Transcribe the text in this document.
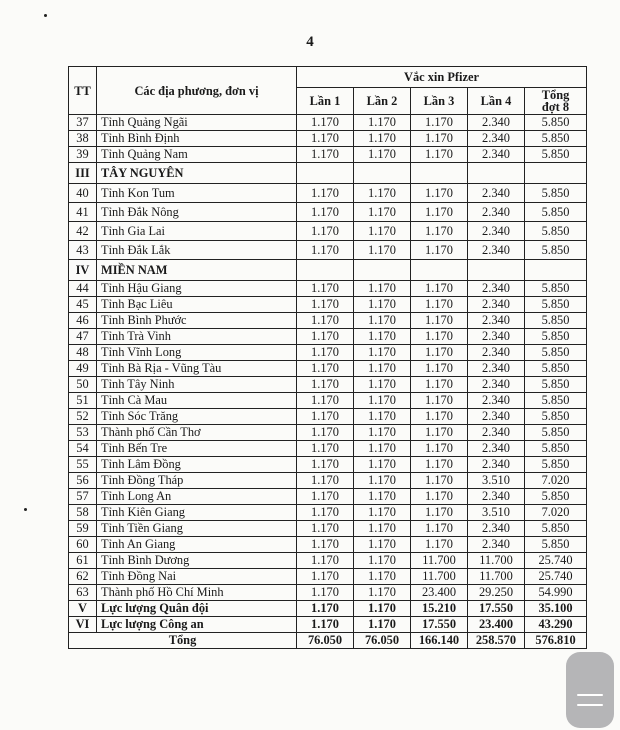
4
TT	Các địa phương, đơn vị	Vắc xin Pfizer				
		Lần 1	Lần 2	Lần 3	Lần 4	Tổng
đợt 8
37	Tỉnh Quảng Ngãi	1.170	1.170	1.170	2.340	5.850
38	Tỉnh Bình Định	1.170	1.170	1.170	2.340	5.850
39	Tỉnh Quảng Nam	1.170	1.170	1.170	2.340	5.850
III	TÂY NGUYÊN					
40	Tỉnh Kon Tum	1.170	1.170	1.170	2.340	5.850
41	Tỉnh Đắk Nông	1.170	1.170	1.170	2.340	5.850
42	Tỉnh Gia Lai	1.170	1.170	1.170	2.340	5.850
43	Tỉnh Đắk Lắk	1.170	1.170	1.170	2.340	5.850
IV	MIỀN NAM					
44	Tỉnh Hậu Giang	1.170	1.170	1.170	2.340	5.850
45	Tỉnh Bạc Liêu	1.170	1.170	1.170	2.340	5.850
46	Tỉnh Bình Phước	1.170	1.170	1.170	2.340	5.850
47	Tỉnh Trà Vinh	1.170	1.170	1.170	2.340	5.850
48	Tỉnh Vĩnh Long	1.170	1.170	1.170	2.340	5.850
49	Tỉnh Bà Rịa - Vũng Tàu	1.170	1.170	1.170	2.340	5.850
50	Tỉnh Tây Ninh	1.170	1.170	1.170	2.340	5.850
51	Tỉnh Cà Mau	1.170	1.170	1.170	2.340	5.850
52	Tỉnh Sóc Trăng	1.170	1.170	1.170	2.340	5.850
53	Thành phố Cần Thơ	1.170	1.170	1.170	2.340	5.850
54	Tỉnh Bến Tre	1.170	1.170	1.170	2.340	5.850
55	Tỉnh Lâm Đồng	1.170	1.170	1.170	2.340	5.850
56	Tỉnh Đồng Tháp	1.170	1.170	1.170	3.510	7.020
57	Tỉnh Long An	1.170	1.170	1.170	2.340	5.850
58	Tỉnh Kiên Giang	1.170	1.170	1.170	3.510	7.020
59	Tỉnh Tiền Giang	1.170	1.170	1.170	2.340	5.850
60	Tỉnh An Giang	1.170	1.170	1.170	2.340	5.850
61	Tỉnh Bình Dương	1.170	1.170	11.700	11.700	25.740
62	Tỉnh Đồng Nai	1.170	1.170	11.700	11.700	25.740
63	Thành phố Hồ Chí Minh	1.170	1.170	23.400	29.250	54.990
V	Lực lượng Quân đội	1.170	1.170	15.210	17.550	35.100
VI	Lực lượng Công an	1.170	1.170	17.550	23.400	43.290
Tổng		76.050	76.050	166.140	258.570	576.810
